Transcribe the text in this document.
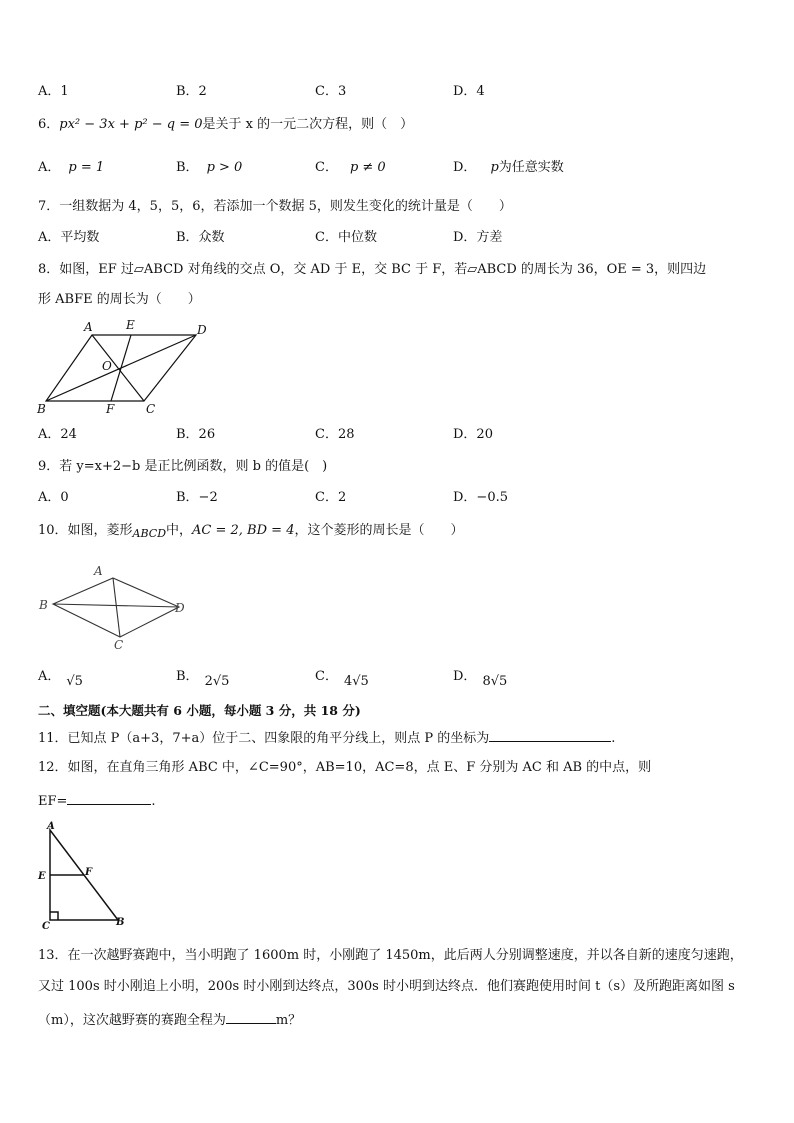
A．1	B．2	C．3	D．4
6．px² − 3x + p² − q = 0是关于 x 的一元二次方程，则（　）
A． p = 1	B． p > 0	C． p ≠ 0	D． p为任意实数
7．一组数据为 4，5，5，6，若添加一个数据 5，则发生变化的统计量是（　　）
A．平均数	B．众数	C．中位数	D．方差
8．如图，EF 过▱ABCD 对角线的交点 O，交 AD 于 E，交 BC 于 F，若▱ABCD 的周长为 36，OE = 3，则四边
形 ABFE 的周长为（　　）
A	E	D
O
B	F	C
A．24	B．26	C．28	D．20
9．若 y=x+2−b 是正比例函数，则 b 的值是(　)
A．0	B．−2	C．2	D．−0.5
10．如图，菱形$_{ABCD}$中，AC = 2, BD = 4，这个菱形的周长是（　　）
A
B
C
D
A． √5	B． 2√5	C． 4√5	D． 8√5
二、填空题(本大题共有 6 小题，每小题 3 分，共 18 分)
11．已知点 P（a+3，7+a）位于二、四象限的角平分线上，则点 P 的坐标为	.
12．如图，在直角三角形 ABC 中，∠C=90°，AB=10，AC=8，点 E、F 分别为 AC 和 AB 的中点，则
EF=	.
A
E	F
C	B
13．在一次越野赛跑中，当小明跑了 1600m 时，小刚跑了 1450m，此后两人分别调整速度，并以各自新的速度匀速跑，
又过 100s 时小刚追上小明，200s 时小刚到达终点，300s 时小明到达终点．他们赛跑使用时间 t（s）及所跑距离如图 s
（m），这次越野赛的赛跑全程为	m？
